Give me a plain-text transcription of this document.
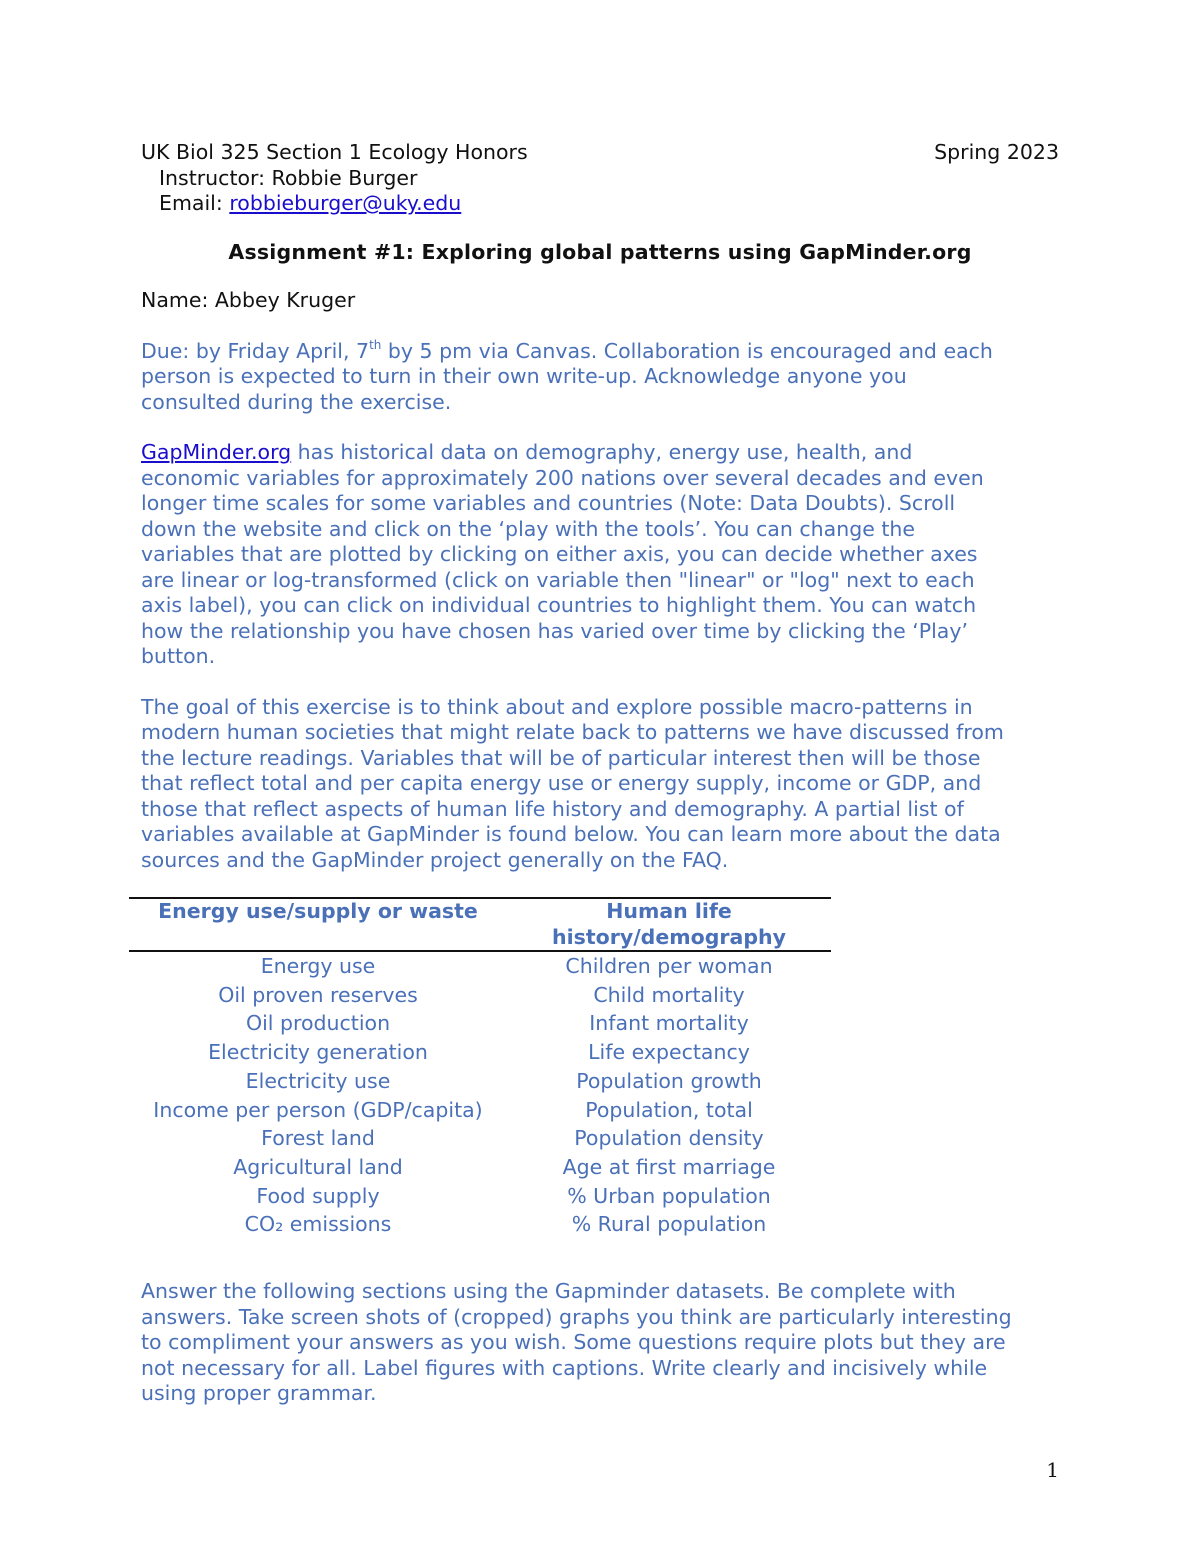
UK Biol 325 Section 1 Ecology Honors	Spring 2023
Instructor: Robbie Burger
Email: robbieburger@uky.edu
Assignment #1: Exploring global patterns using GapMinder.org
Name: Abbey Kruger
Due: by Friday April, 7th by 5 pm via Canvas. Collaboration is encouraged and each
person is expected to turn in their own write-up. Acknowledge anyone you
consulted during the exercise.
GapMinder.org has historical data on demography, energy use, health, and
economic variables for approximately 200 nations over several decades and even
longer time scales for some variables and countries (Note: Data Doubts). Scroll
down the website and click on the ‘play with the tools’. You can change the
variables that are plotted by clicking on either axis, you can decide whether axes
are linear or log-transformed (click on variable then "linear" or "log" next to each
axis label), you can click on individual countries to highlight them. You can watch
how the relationship you have chosen has varied over time by clicking the ‘Play’
button.
The goal of this exercise is to think about and explore possible macro-patterns in
modern human societies that might relate back to patterns we have discussed from
the lecture readings. Variables that will be of particular interest then will be those
that reflect total and per capita energy use or energy supply, income or GDP, and
those that reflect aspects of human life history and demography. A partial list of
variables available at GapMinder is found below. You can learn more about the data
sources and the GapMinder project generally on the FAQ.
Energy use/supply or waste	Human life
history/demography

Energy use	Children per woman
Oil proven reserves	Child mortality
Oil production	Infant mortality
Electricity generation	Life expectancy
Electricity use	Population growth
Income per person (GDP/capita)	Population, total
Forest land	Population density
Agricultural land	Age at first marriage
Food supply	% Urban population
CO₂ emissions	% Rural population
Answer the following sections using the Gapminder datasets. Be complete with
answers. Take screen shots of (cropped) graphs you think are particularly interesting
to compliment your answers as you wish. Some questions require plots but they are
not necessary for all. Label figures with captions. Write clearly and incisively while
using proper grammar.
1
